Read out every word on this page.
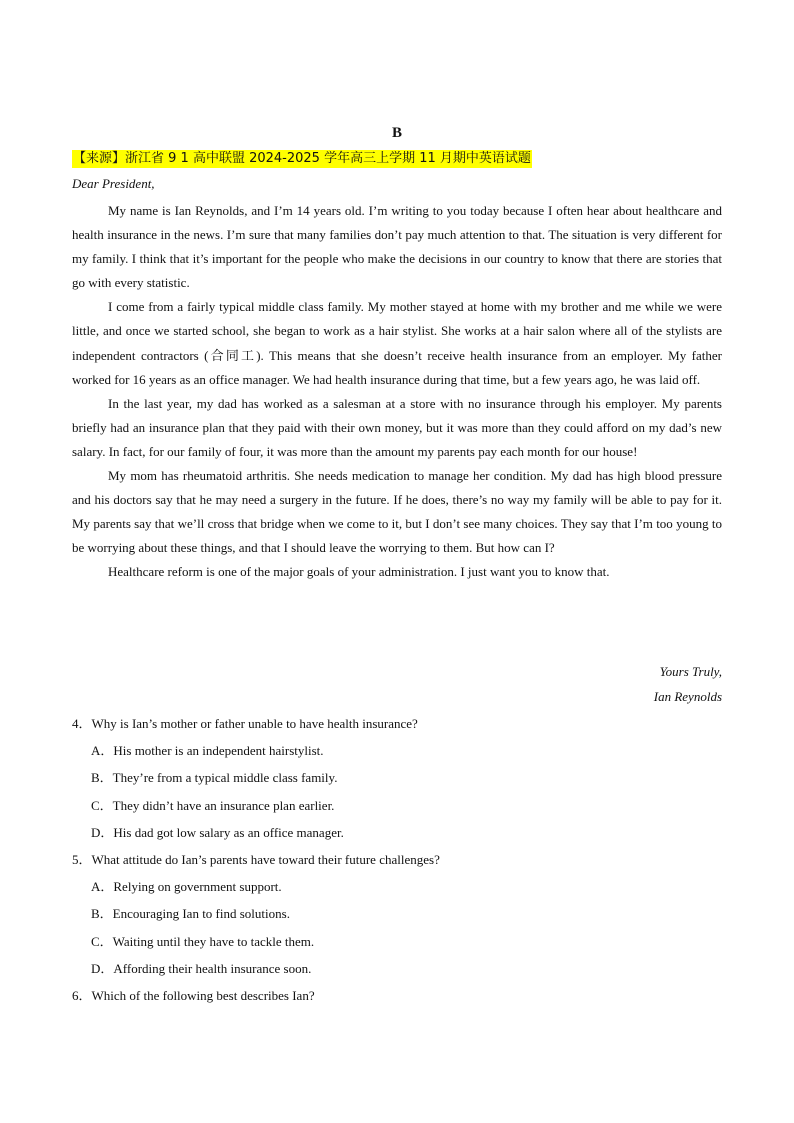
B
【来源】浙江省 9 1 高中联盟 2024-2025 学年高三上学期 11 月期中英语试题
Dear President,

My name is Ian Reynolds, and I’m 14 years old. I’m writing to you today because I often hear about healthcare and health insurance in the news. I’m sure that many families don’t pay much attention to that. The situation is very different for my family. I think that it’s important for the people who make the decisions in our country to know that there are stories that go with every statistic.

I come from a fairly typical middle class family. My mother stayed at home with my brother and me while we were little, and once we started school, she began to work as a hair stylist. She works at a hair salon where all of the stylists are independent contractors (合同工). This means that she doesn’t receive health insurance from an employer. My father worked for 16 years as an office manager. We had health insurance during that time, but a few years ago, he was laid off.

In the last year, my dad has worked as a salesman at a store with no insurance through his employer. My parents briefly had an insurance plan that they paid with their own money, but it was more than they could afford on my dad’s new salary. In fact, for our family of four, it was more than the amount my parents pay each month for our house!

My mom has rheumatoid arthritis. She needs medication to manage her condition. My dad has high blood pressure and his doctors say that he may need a surgery in the future. If he does, there’s no way my family will be able to pay for it. My parents say that we’ll cross that bridge when we come to it, but I don’t see many choices. They say that I’m too young to be worrying about these things, and that I should leave the worrying to them. But how can I?

Healthcare reform is one of the major goals of your administration. I just want you to know that.

Yours Truly,
Ian Reynolds
4．Why is Ian’s mother or father unable to have health insurance?
A．His mother is an independent hairstylist.
B．They’re from a typical middle class family.
C．They didn’t have an insurance plan earlier.
D．His dad got low salary as an office manager.
5．What attitude do Ian’s parents have toward their future challenges?
A．Relying on government support.
B．Encouraging Ian to find solutions.
C．Waiting until they have to tackle them.
D．Affording their health insurance soon.
6．Which of the following best describes Ian?
